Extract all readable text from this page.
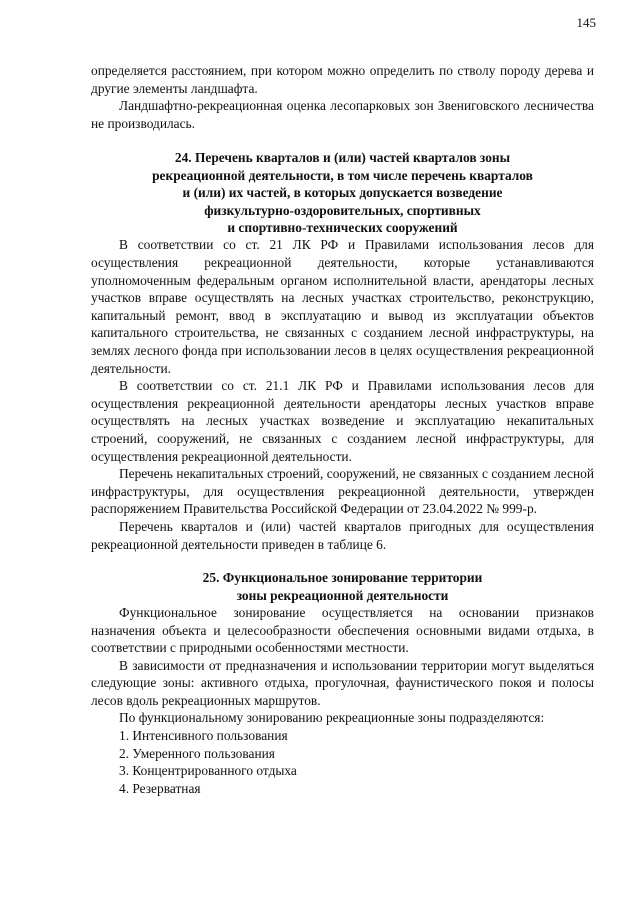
145

определяется расстоянием, при котором можно определить по стволу породу дерева и другие элементы ландшафта.

Ландшафтно-рекреационная оценка лесопарковых зон Звениговского лесничества не производилась.

24. Перечень кварталов и (или) частей кварталов зоны
рекреационной деятельности, в том числе перечень кварталов
и (или) их частей, в которых допускается возведение
физкультурно-оздоровительных, спортивных
и спортивно-технических сооружений

В соответствии со ст. 21 ЛК РФ и Правилами использования лесов для осуществления рекреационной деятельности, которые устанавливаются уполномоченным федеральным органом исполнительной власти, арендаторы лесных участков вправе осуществлять на лесных участках строительство, реконструкцию, капитальный ремонт, ввод в эксплуатацию и вывод из эксплуатации объектов капитального строительства, не связанных с созданием лесной инфраструктуры, на землях лесного фонда при использовании лесов в целях осуществления рекреационной деятельности.

В соответствии со ст. 21.1 ЛК РФ и Правилами использования лесов для осуществления рекреационной деятельности арендаторы лесных участков вправе осуществлять на лесных участках возведение и эксплуатацию некапитальных строений, сооружений, не связанных с созданием лесной инфраструктуры, для осуществления рекреационной деятельности.

Перечень некапитальных строений, сооружений, не связанных с созданием лесной инфраструктуры, для осуществления рекреационной деятельности, утвержден распоряжением Правительства Российской Федерации от 23.04.2022 № 999-р.

Перечень кварталов и (или) частей кварталов пригодных для осуществления рекреационной деятельности приведен в таблице 6.

25. Функциональное зонирование территории
зоны рекреационной деятельности

Функциональное зонирование осуществляется на основании признаков назначения объекта и целесообразности обеспечения основными видами отдыха, в соответствии с природными особенностями местности.

В зависимости от предназначения и использовании территории могут выделяться следующие зоны: активного отдыха, прогулочная, фаунистического покоя и полосы лесов вдоль рекреационных маршрутов.

По функциональному зонированию рекреационные зоны подразделяются:

1. Интенсивного пользования
2. Умеренного пользования
3. Концентрированного отдыха
4. Резерватная
